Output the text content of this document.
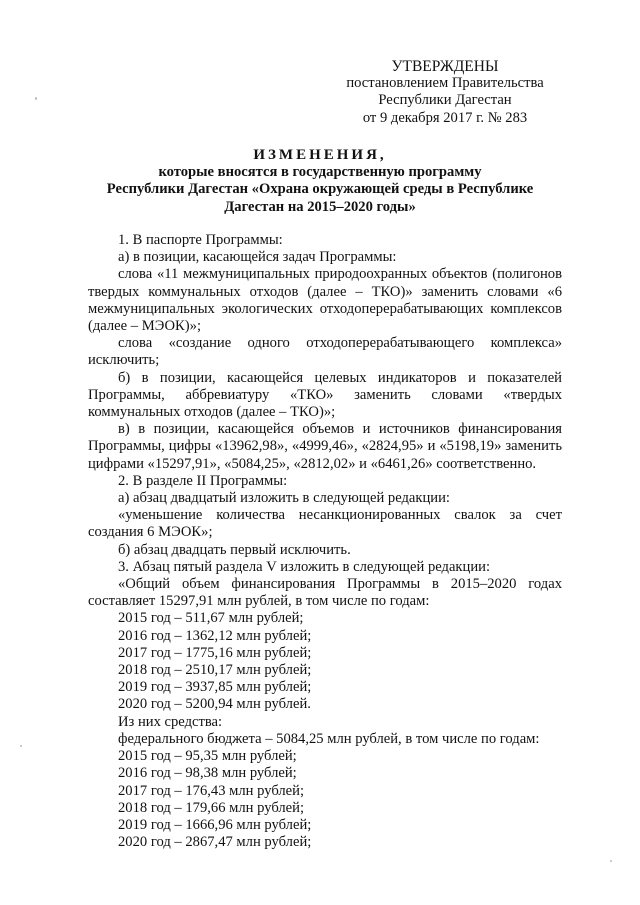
УТВЕРЖДЕНЫ
постановлением Правительства
Республики Дагестан
от 9 декабря 2017 г. № 283
ИЗМЕНЕНИЯ,
которые вносятся в государственную программу
Республики Дагестан «Охрана окружающей среды в Республике
Дагестан на 2015–2020 годы»

1. В паспорте Программы:

а) в позиции, касающейся задач Программы:

слова «11 межмуниципальных природоохранных объектов (полигонов твердых коммунальных отходов (далее – ТКО)» заменить словами «6 межмуниципальных экологических отходоперерабатывающих комплексов (далее – МЭОК)»;

слова «создание одного отходоперерабатывающего комплекса» исключить;

б) в позиции, касающейся целевых индикаторов и показателей Программы, аббревиатуру «ТКО» заменить словами «твердых коммунальных отходов (далее – ТКО)»;

в) в позиции, касающейся объемов и источников финансирования Программы, цифры «13962,98», «4999,46», «2824,95» и «5198,19» заменить цифрами «15297,91», «5084,25», «2812,02» и «6461,26» соответственно.

2. В разделе II Программы:

а) абзац двадцатый изложить в следующей редакции:

«уменьшение количества несанкционированных свалок за счет создания 6 МЭОК»;

б) абзац двадцать первый исключить.

3. Абзац пятый раздела V изложить в следующей редакции:

«Общий объем финансирования Программы в 2015–2020 годах составляет 15297,91 млн рублей, в том числе по годам:

2015 год – 511,67 млн рублей;

2016 год – 1362,12 млн рублей;

2017 год – 1775,16 млн рублей;

2018 год – 2510,17 млн рублей;

2019 год – 3937,85 млн рублей;

2020 год – 5200,94 млн рублей.

Из них средства:

федерального бюджета – 5084,25 млн рублей, в том числе по годам:

2015 год – 95,35 млн рублей;

2016 год – 98,38 млн рублей;

2017 год – 176,43 млн рублей;

2018 год – 179,66 млн рублей;

2019 год – 1666,96 млн рублей;

2020 год – 2867,47 млн рублей;
